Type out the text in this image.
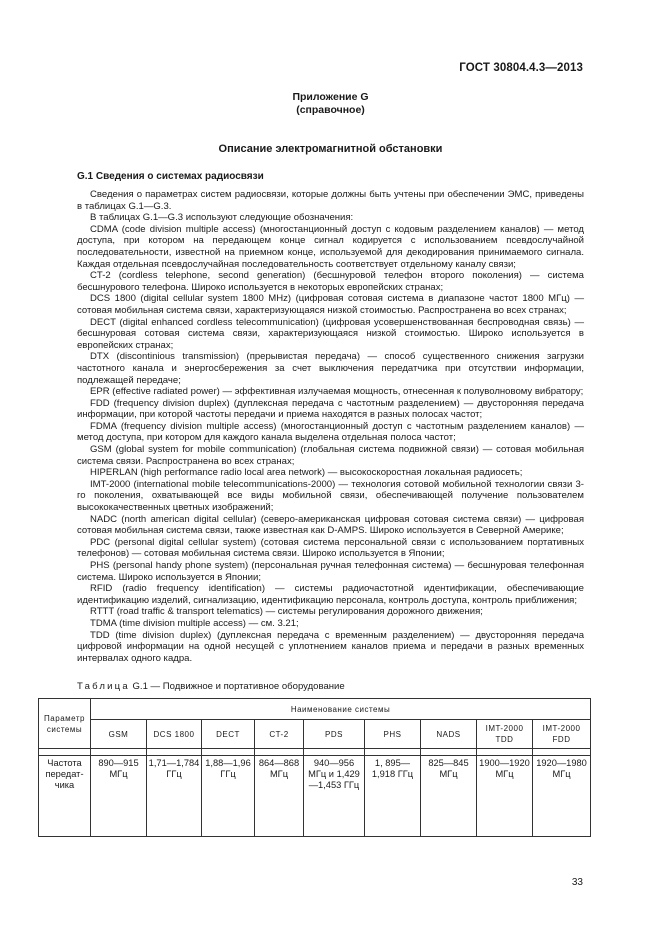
ГОСТ 30804.4.3—2013
Приложение G
(справочное)
Описание электромагнитной обстановки
G.1 Сведения о системах радиосвязи

Сведения о параметрах систем радиосвязи, которые должны быть учтены при обеспечении ЭМС, приведены в таблицах G.1—G.3.

В таблицах G.1—G.3 используют следующие обозначения:

CDMA (code division multiple access) (многостанционный доступ с кодовым разделением каналов) — метод доступа, при котором на передающем конце сигнал кодируется с использованием псевдослучайной последовательности, известной на приемном конце, используемой для декодирования принимаемого сигнала. Каждая отдельная псевдослучайная последовательность соответствует отдельному каналу связи;

CT-2 (cordless telephone, second generation) (бесшнуровой телефон второго поколения) — система бесшнурового телефона. Широко используется в некоторых европейских странах;

DCS 1800 (digital cellular system 1800 MHz) (цифровая сотовая система в диапазоне частот 1800 МГц) — сотовая мобильная система связи, характеризующаяся низкой стоимостью. Распространена во всех странах;

DECT (digital enhanced cordless telecommunication) (цифровая усовершенствованная беспроводная связь) — бесшнуровая сотовая система связи, характеризующаяся низкой стоимостью. Широко используется в европейских странах;

DTX (discontinious transmission) (прерывистая передача) — способ существенного снижения загрузки частотного канала и энергосбережения за счет выключения передатчика при отсутствии информации, подлежащей передаче;

EPR (effective radiated power) — эффективная излучаемая мощность, отнесенная к полуволновому вибратору;

FDD (frequency division duplex) (дуплексная передача с частотным разделением) — двусторонняя передача информации, при которой частоты передачи и приема находятся в разных полосах частот;

FDMA (frequency division multiple access) (многостанционный доступ с частотным разделением каналов) — метод доступа, при котором для каждого канала выделена отдельная полоса частот;

GSM (global system for mobile communication) (глобальная система подвижной связи) — сотовая мобильная система связи. Распространена во всех странах;

HIPERLAN (high performance radio local area network) — высокоскоростная локальная радиосеть;

IMT-2000 (international mobile telecommunications-2000) — технология сотовой мобильной технологии связи 3-го поколения, охватывающей все виды мобильной связи, обеспечивающей получение пользователем высококачественных цветных изображений;

NADC (north american digital cellular) (северо-американская цифровая сотовая система связи) — цифровая сотовая мобильная система связи, также известная как D-AMPS. Широко используется в Северной Америке;

PDC (personal digital cellular system) (сотовая система персональной связи с использованием портативных телефонов) — сотовая мобильная система связи. Широко используется в Японии;

PHS (personal handy phone system) (персональная ручная телефонная система) — бесшнуровая телефонная система. Широко используется в Японии;

RFID (radio frequency identification) — системы радиочастотной идентификации, обеспечивающие идентификацию изделий, сигнализацию, идентификацию персонала, контроль доступа, контроль приближения;

RTTT (road traffic & transport telematics) — системы регулирования дорожного движения;

TDMA (time division multiple access) — см. 3.21;

TDD (time division duplex) (дуплексная передача с временным разделением) — двусторонняя передача цифровой информации на одной несущей с уплотнением каналов приема и передачи в разных временных интервалах одного кадра.

Таблица G.1 — Подвижное и портативное оборудование
Параметр системы	Наименование системы								
	GSM	DCS 1800	DECT	CT-2	PDS	PHS	NADS	IMT-2000 TDD	IMT-2000 FDD

Частота передат-чика	890—915 МГц	1,71—1,784 ГГц	1,88—1,96 ГГц	864—868 МГц	940—956 МГц и 1,429 —1,453 ГГц	1, 895—1,918 ГГц	825—845 МГц	1900—1920 МГц	1920—1980 МГц
33
